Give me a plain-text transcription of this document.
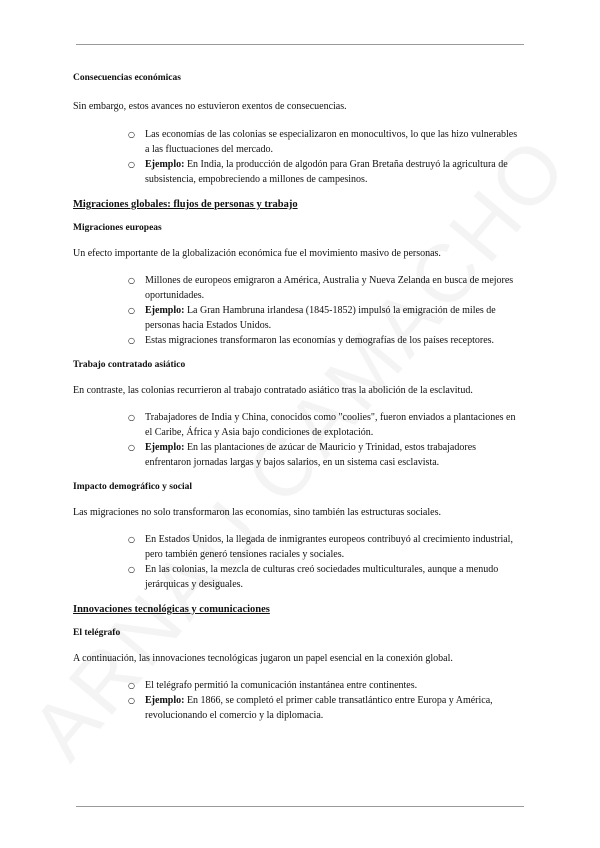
Consecuencias económicas
Sin embargo, estos avances no estuvieron exentos de consecuencias.
○ Las economías de las colonias se especializaron en monocultivos, lo que las hizo vulnerables a las fluctuaciones del mercado.
○ Ejemplo: En India, la producción de algodón para Gran Bretaña destruyó la agricultura de subsistencia, empobreciendo a millones de campesinos.
Migraciones globales: flujos de personas y trabajo
Migraciones europeas
Un efecto importante de la globalización económica fue el movimiento masivo de personas.
○ Millones de europeos emigraron a América, Australia y Nueva Zelanda en busca de mejores oportunidades.
○ Ejemplo: La Gran Hambruna irlandesa (1845-1852) impulsó la emigración de miles de personas hacia Estados Unidos.
○ Estas migraciones transformaron las economías y demografías de los países receptores.
Trabajo contratado asiático
En contraste, las colonias recurrieron al trabajo contratado asiático tras la abolición de la esclavitud.
○ Trabajadores de India y China, conocidos como "coolies", fueron enviados a plantaciones en el Caribe, África y Asia bajo condiciones de explotación.
○ Ejemplo: En las plantaciones de azúcar de Mauricio y Trinidad, estos trabajadores enfrentaron jornadas largas y bajos salarios, en un sistema casi esclavista.
Impacto demográfico y social
Las migraciones no solo transformaron las economías, sino también las estructuras sociales.
○ En Estados Unidos, la llegada de inmigrantes europeos contribuyó al crecimiento industrial, pero también generó tensiones raciales y sociales.
○ En las colonias, la mezcla de culturas creó sociedades multiculturales, aunque a menudo jerárquicas y desiguales.
Innovaciones tecnológicas y comunicaciones
El telégrafo
A continuación, las innovaciones tecnológicas jugaron un papel esencial en la conexión global.
○ El telégrafo permitió la comunicación instantánea entre continentes.
○ Ejemplo: En 1866, se completó el primer cable transatlántico entre Europa y América, revolucionando el comercio y la diplomacia.
